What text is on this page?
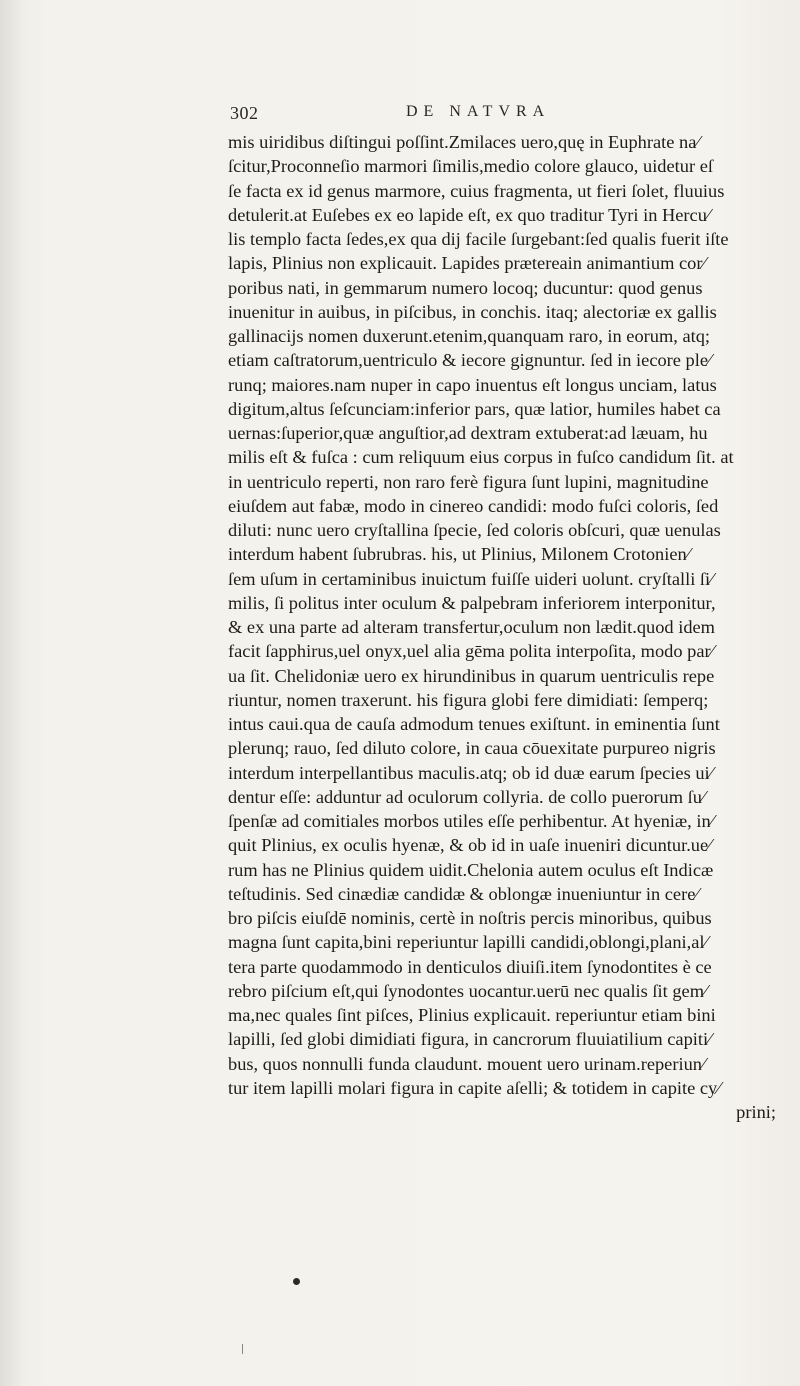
302	DE NATVRA
mis uiridibus diſtingui poſſint.Zmilaces uero,quę in Euphrate na⁄
ſcitur,Proconneſio marmori ſimilis,medio colore glauco, uidetur eſ
ſe facta ex id genus marmore, cuius fragmenta, ut fieri ſolet, fluuius
detulerit.at Euſebes ex eo lapide eſt, ex quo traditur Tyri in Hercu⁄
lis templo facta ſedes,ex qua dĳ facile ſurgebant:ſed qualis fuerit iſte
lapis, Plinius non explicauit. Lapides prætereain animantium cor⁄
poribus nati, in gemmarum numero locoq; ducuntur: quod genus
inuenitur in auibus, in piſcibus, in conchis. itaq; alectoriæ ex gallis
gallinacĳs nomen duxerunt.etenim,quanquam raro, in eorum, atq;
etiam caſtratorum,uentriculo & iecore gignuntur. ſed in iecore ple⁄
runq; maiores.nam nuper in capo inuentus eſt longus unciam, latus
digitum,altus ſeſcunciam:inferior pars, quæ latior, humiles habet ca
uernas:ſuperior,quæ anguſtior,ad dextram extuberat:ad læuam, hu
milis eſt & fuſca : cum reliquum eius corpus in fuſco candidum ſit. at
in uentriculo reperti, non raro ferè figura ſunt lupini, magnitudine
eiuſdem aut fabæ, modo in cinereo candidi: modo fuſci coloris, ſed
diluti: nunc uero cryſtallina ſpecie, ſed coloris obſcuri, quæ uenulas
interdum habent ſubrubras. his, ut Plinius, Milonem Crotonien⁄
ſem uſum in certaminibus inuictum fuiſſe uideri uolunt. cryſtalli ſi⁄
milis, ſi politus inter oculum & palpebram inferiorem interponitur,
& ex una parte ad alteram transfertur,oculum non lædit.quod idem
facit ſapphirus,uel onyx,uel alia gēma polita interpoſita, modo par⁄
ua ſit. Chelidoniæ uero ex hirundinibus in quarum uentriculis repe
riuntur, nomen traxerunt. his figura globi fere dimidiati: ſemperq;
intus caui.qua de cauſa admodum tenues exiſtunt. in eminentia ſunt
plerunq; rauo, ſed diluto colore, in caua cōuexitate purpureo nigris
interdum interpellantibus maculis.atq; ob id duæ earum ſpecies ui⁄
dentur eſſe: adduntur ad oculorum collyria. de collo puerorum ſu⁄
ſpenſæ ad comitiales morbos utiles eſſe perhibentur. At hyeniæ, in⁄
quit Plinius, ex oculis hyenæ, & ob id in uaſe inueniri dicuntur.ue⁄
rum has ne Plinius quidem uidit.Chelonia autem oculus eſt Indicæ
teſtudinis. Sed cinædiæ candidæ & oblongæ inueniuntur in cere⁄
bro piſcis eiuſdē nominis, certè in noſtris percis minoribus, quibus
magna ſunt capita,bini reperiuntur lapilli candidi,oblongi,plani,al⁄
tera parte quodammodo in denticulos diuiſi.item ſynodontites è ce
rebro piſcium eſt,qui ſynodontes uocantur.uerū nec qualis ſit gem⁄
ma,nec quales ſint piſces, Plinius explicauit. reperiuntur etiam bini
lapilli, ſed globi dimidiati figura, in cancrorum fluuiatilium capiti⁄
bus, quos nonnulli funda claudunt. mouent uero urinam.reperiun⁄
tur item lapilli molari figura in capite aſelli; & totidem in capite cy⁄
prini;
